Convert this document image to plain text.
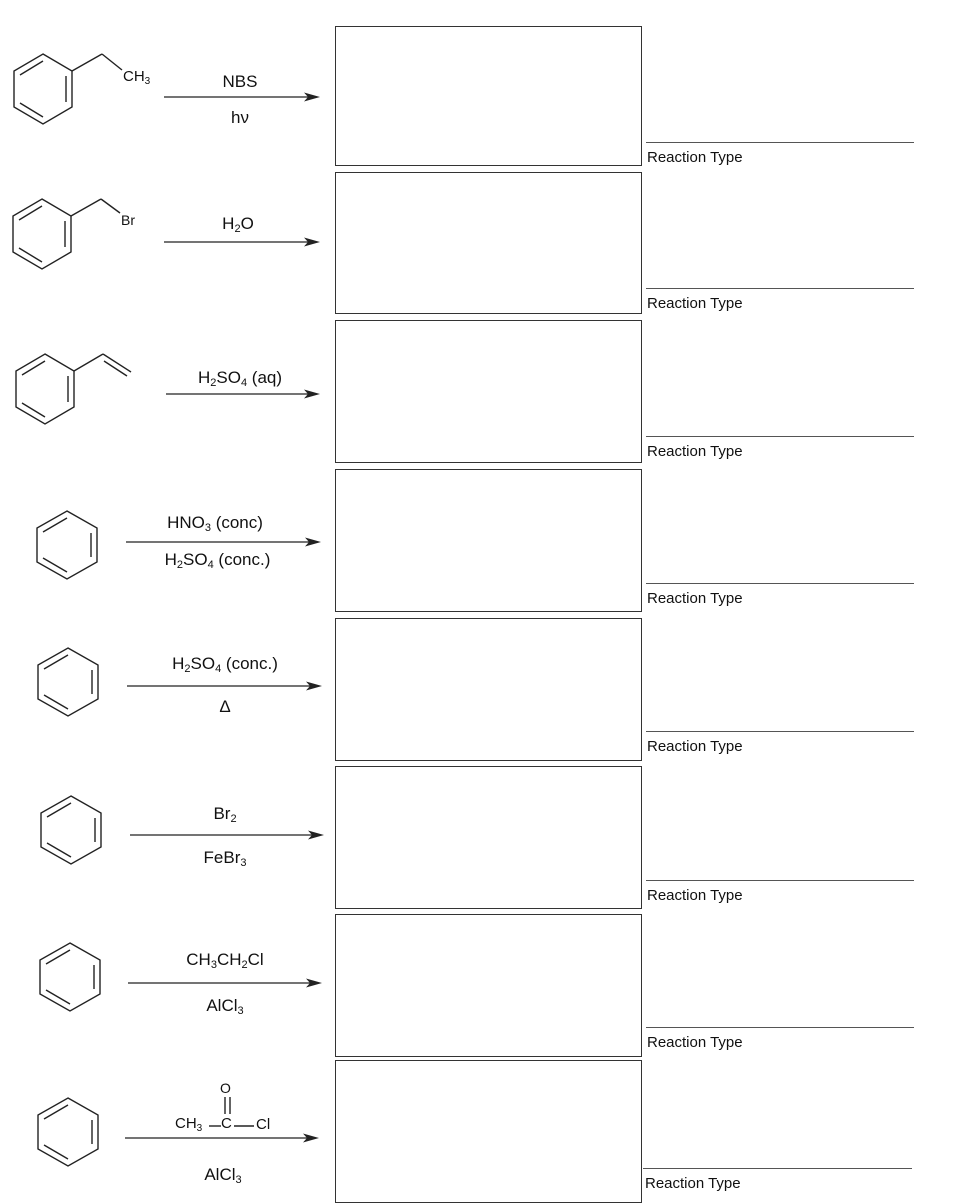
$CH_3$	NBS
hν
Reaction Type
Br	$H_2O$
Reaction Type
$H_2SO_4$ (aq)
Reaction Type
$HNO_3$ (conc)
$H_2SO_4$ (conc.)
Reaction Type
$H_2SO_4$ (conc.)
Δ
Reaction Type
$Br_2$
FeBr$_3$
Reaction Type
$CH_3CH_2Cl$
AlCl$_3$
Reaction Type
O
$CH_3$ C Cl
AlCl$_3$	Reaction Type
